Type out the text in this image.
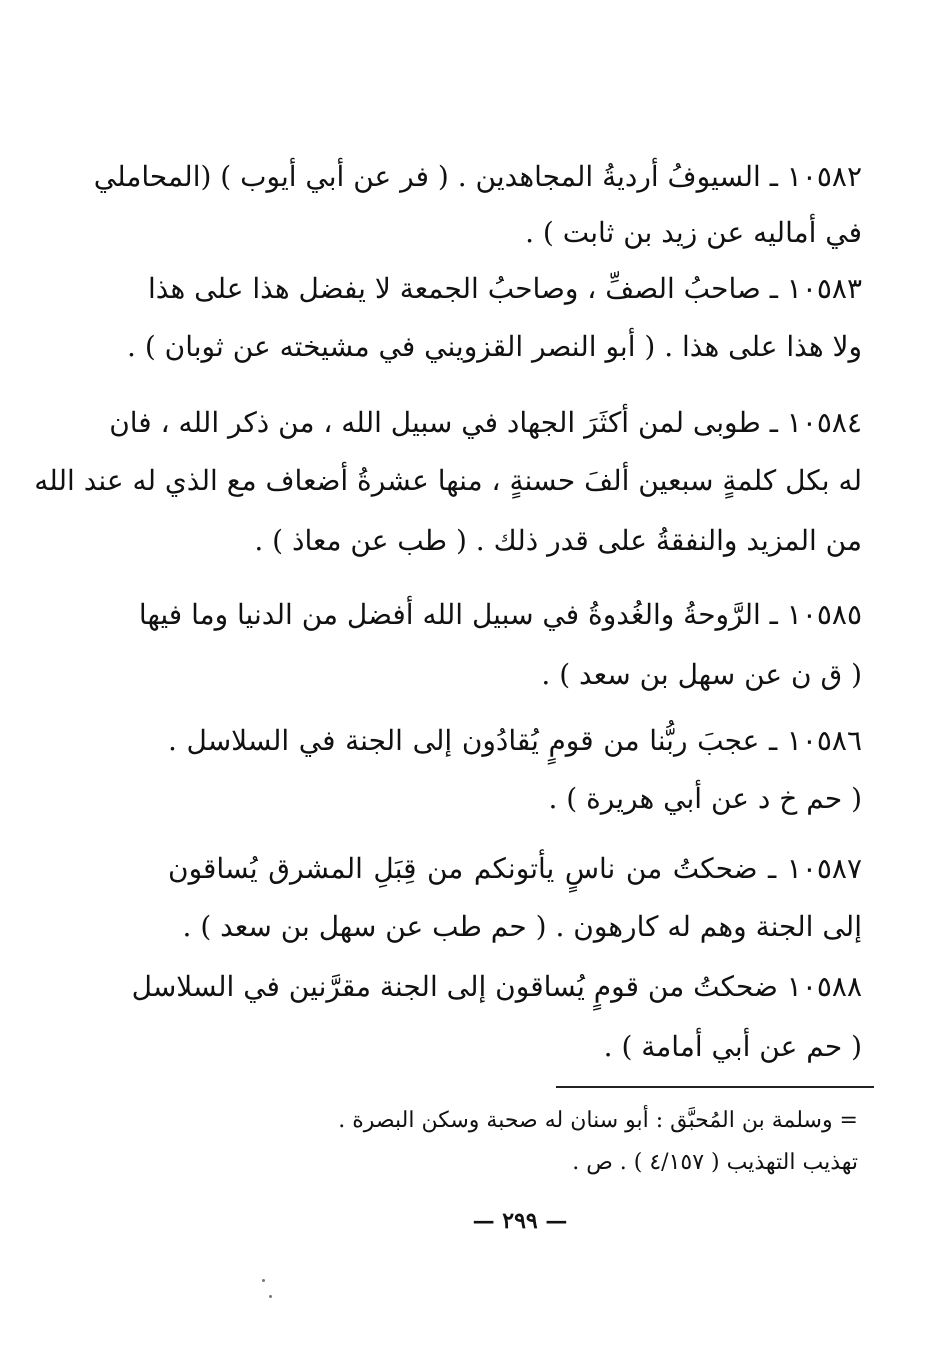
١٠٥٨٢ ـ السيوفُ أرديةُ المجاهدين . ( فر عن أبي أيوب ) (المحاملي
في أماليه عن زيد بن ثابت ) .
١٠٥٨٣ ـ صاحبُ الصفِّ ، وصاحبُ الجمعة لا يفضل هذا على هذا
ولا هذا على هذا . ( أبو النصر القزويني في مشيخته عن ثوبان ) .
١٠٥٨٤ ـ طوبى لمن أكثَرَ الجهاد في سبيل الله ، من ذكر الله ، فان
له بكل كلمةٍ سبعين ألفَ حسنةٍ ، منها عشرةُ أضعاف مع الذي له عند الله
من المزيد والنفقةُ على قدر ذلك . ( طب عن معاذ ) .
١٠٥٨٥ ـ الرَّوحةُ والغُدوةُ في سبيل الله أفضل من الدنيا وما فيها
( ق ن عن سهل بن سعد ) .
١٠٥٨٦ ـ عجبَ ربُّنا من قومٍ يُقادُون إلى الجنة في السلاسل .
( حم خ د عن أبي هريرة ) .
١٠٥٨٧ ـ ضحكتُ من ناسٍ يأتونكم من قِبَلِ المشرق يُساقون
إلى الجنة وهم له كارهون . ( حم طب عن سهل بن سعد ) .
١٠٥٨٨ ضحكتُ من قومٍ يُساقون إلى الجنة مقرَّنين في السلاسل
( حم عن أبي أمامة ) .
= وسلمة بن المُحبَّق : أبو سنان له صحبة وسكن البصرة .
تهذيب التهذيب ( ٤/١٥٧ ) . ص .
— ٢٩٩ —
